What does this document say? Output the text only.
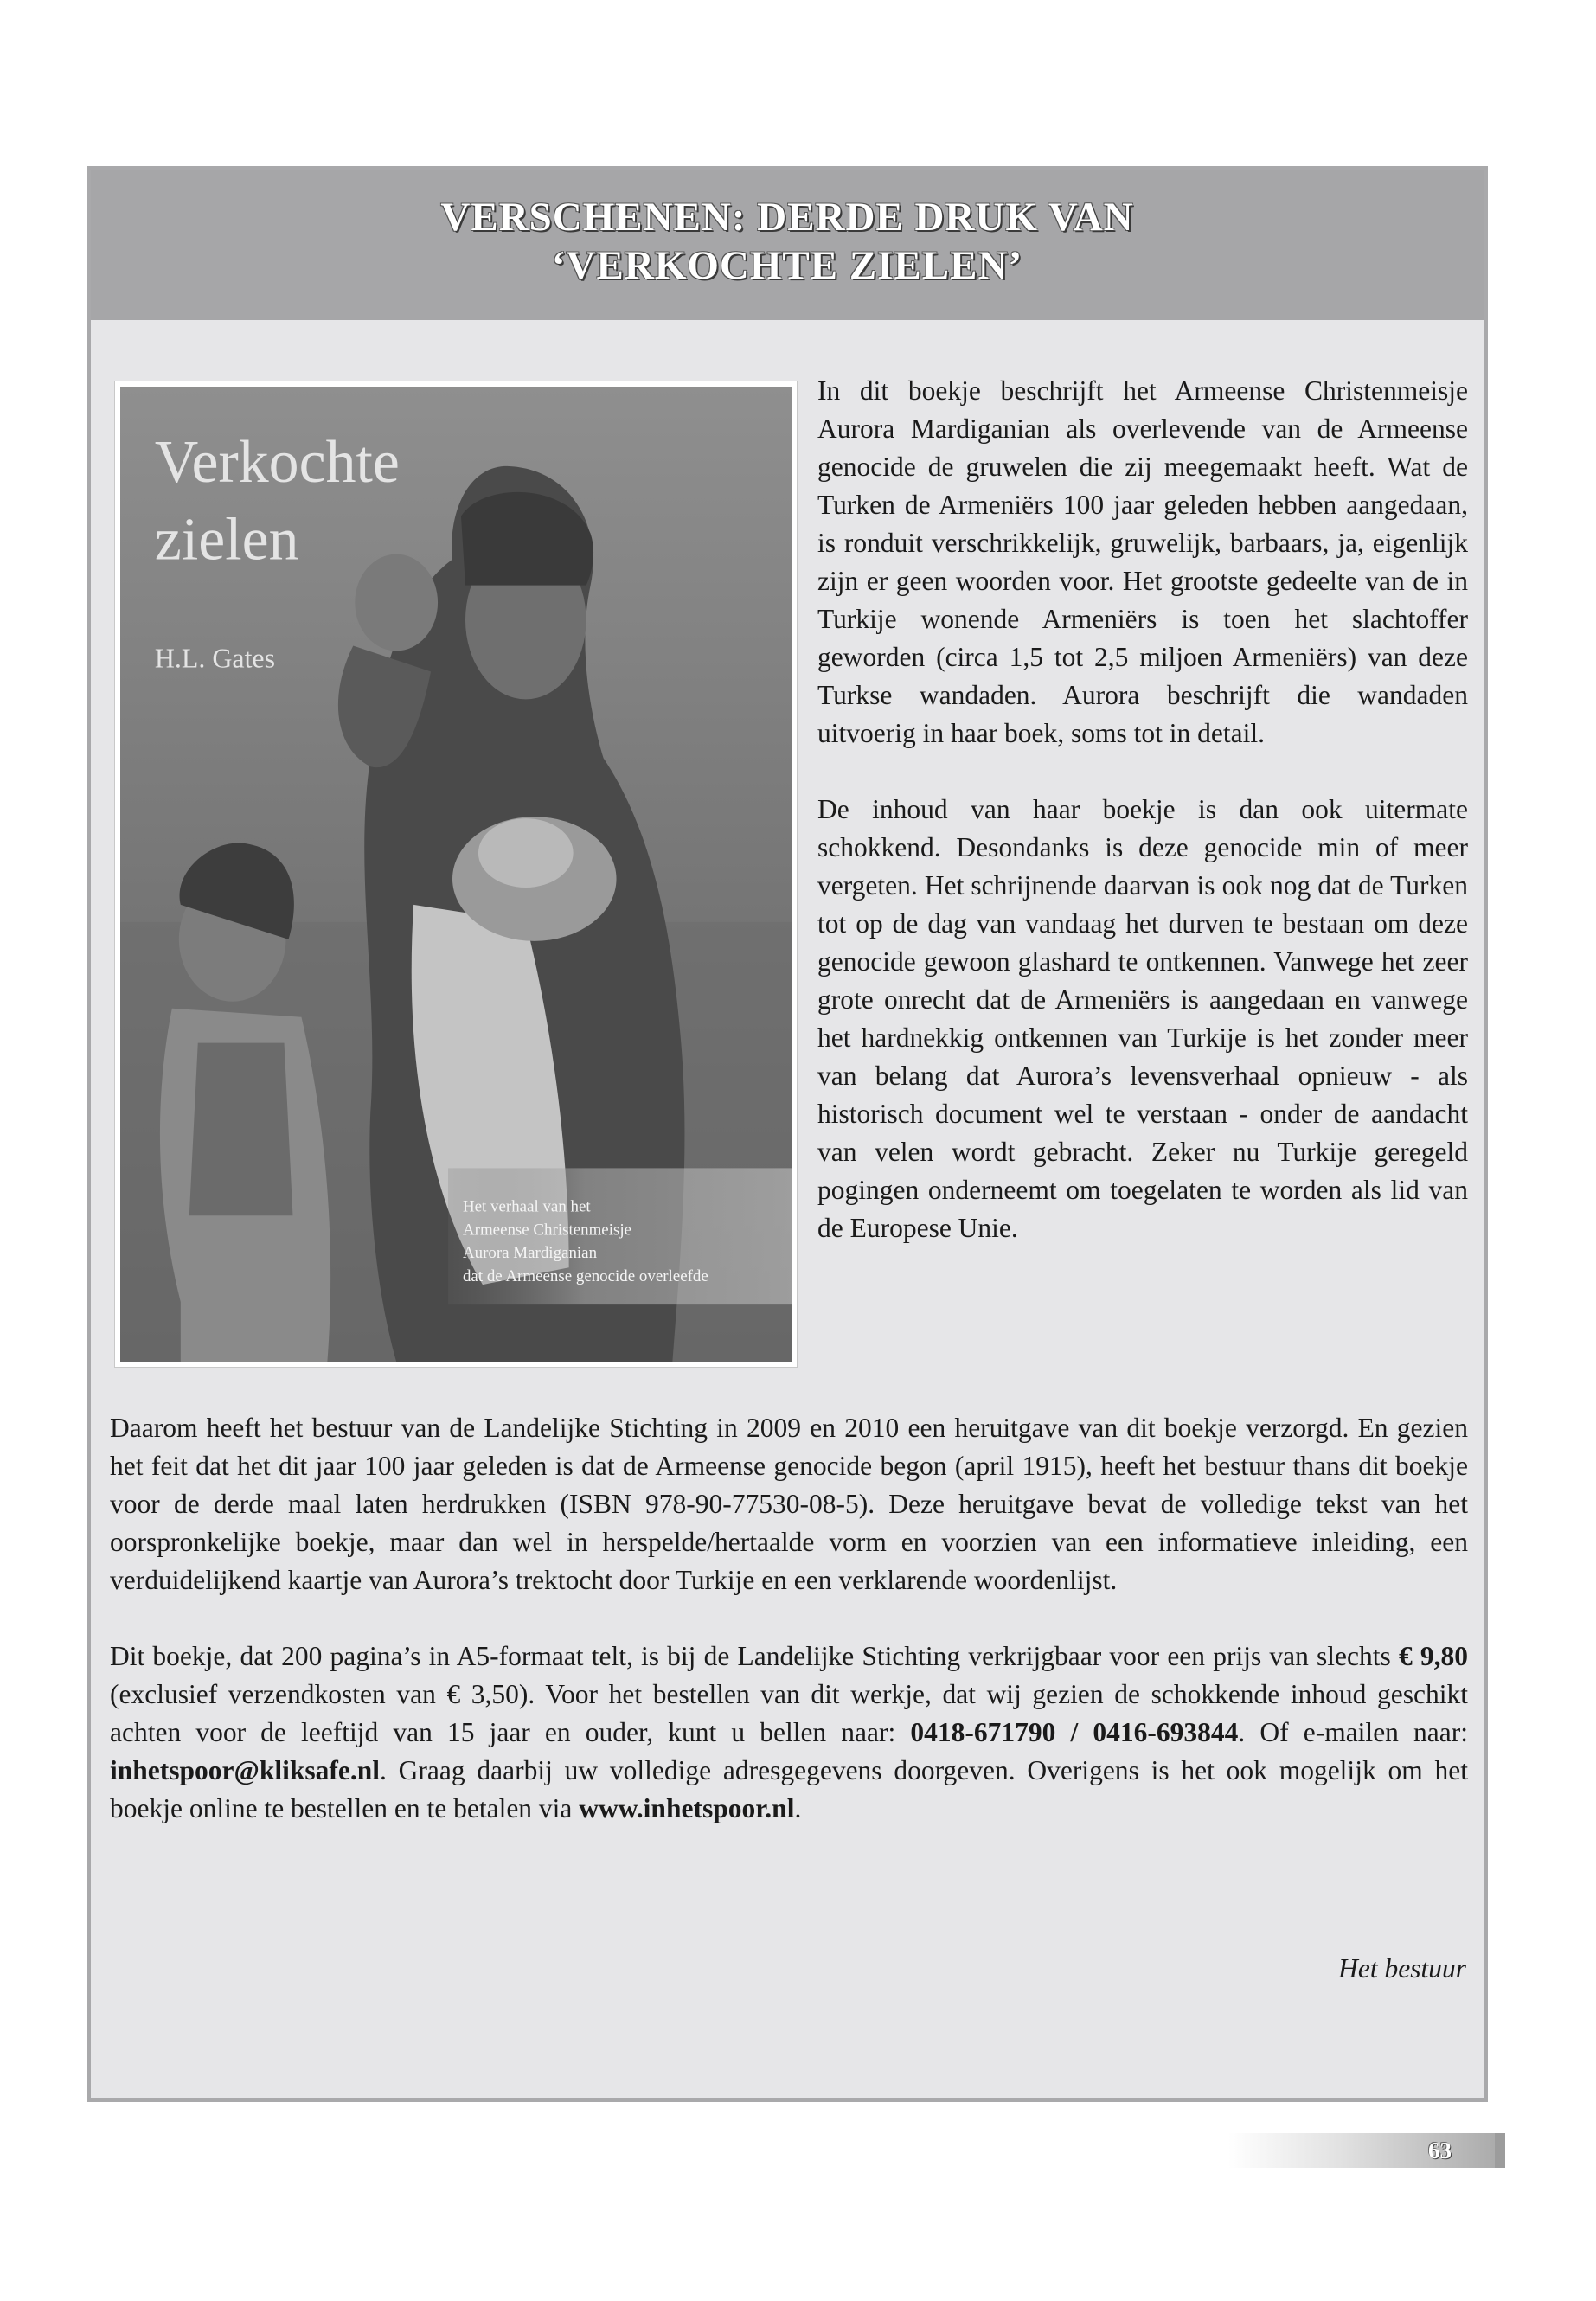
VERSCHENEN: DERDE DRUK VAN
‘VERKOCHTE ZIELEN’
Verkochte
zielen
H.L. Gates
Het verhaal van het
Armeense Christenmeisje
Aurora Mardiganian
dat de Armeense genocide overleefde

In dit boekje beschrijft het Armeense Christenmeisje Aurora Mardiganian als overlevende van de Armeense genocide de gruwelen die zij meegemaakt heeft. Wat de Turken de Armeniërs 100 jaar geleden hebben aangedaan, is ronduit verschrikkelijk, gruwelijk, barbaars, ja, eigenlijk zijn er geen woorden voor. Het grootste gedeelte van de in Turkije wonende Armeniërs is toen het slachtoffer geworden (circa 1,5 tot 2,5 miljoen Armeniërs) van deze Turkse wandaden. Aurora beschrijft die wandaden uitvoerig in haar boek, soms tot in detail.

De inhoud van haar boekje is dan ook uitermate schokkend. Desondanks is deze genocide min of meer vergeten. Het schrijnende daarvan is ook nog dat de Turken tot op de dag van vandaag het durven te bestaan om deze genocide gewoon glashard te ontkennen. Vanwege het zeer grote onrecht dat de Armeniërs is aangedaan en vanwege het hardnekkig ontkennen van Turkije is het zonder meer van belang dat Aurora’s levensverhaal opnieuw - als historisch document wel te verstaan - onder de aandacht van velen wordt gebracht. Zeker nu Turkije geregeld pogingen onderneemt om toegelaten te worden als lid van de Europese Unie.

Daarom heeft het bestuur van de Landelijke Stichting in 2009 en 2010 een heruitgave van dit boekje verzorgd. En gezien het feit dat het dit jaar 100 jaar geleden is dat de Armeense genocide begon (april 1915), heeft het bestuur thans dit boekje voor de derde maal laten herdrukken (ISBN 978-90-77530-08-5). Deze heruitgave bevat de volledige tekst van het oorspronkelijke boekje, maar dan wel in herspelde/hertaalde vorm en voorzien van een informatieve inleiding, een verduidelijkend kaartje van Aurora’s trektocht door Turkije en een verklarende woordenlijst.

Dit boekje, dat 200 pagina’s in A5-formaat telt, is bij de Landelijke Stichting verkrijgbaar voor een prijs van slechts € 9,80 (exclusief verzendkosten van € 3,50). Voor het bestellen van dit werkje, dat wij gezien de schokkende inhoud geschikt achten voor de leeftijd van 15 jaar en ouder, kunt u bellen naar: 0418-671790 / 0416-693844. Of e-mailen naar: inhetspoor@kliksafe.nl. Graag daarbij uw volledige adresgegevens doorgeven. Overigens is het ook mogelijk om het boekje online te bestellen en te betalen via www.inhetspoor.nl.

Het bestuur
63
